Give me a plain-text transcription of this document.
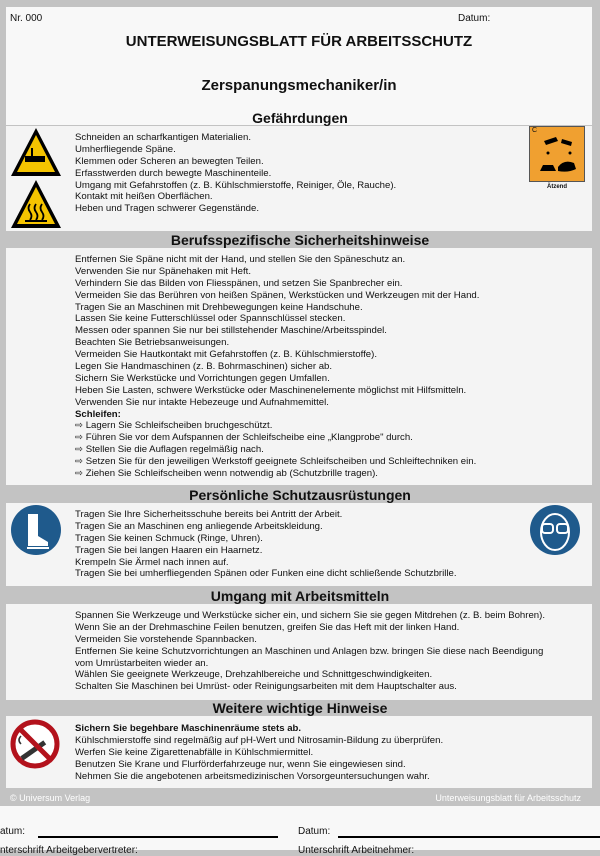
Nr. 000	Datum:
UNTERWEISUNGSBLATT FÜR ARBEITSSCHUTZ
Zerspanungsmechaniker/in
Gefährdungen
Schneiden an scharfkantigen Materialien.
Umherfliegende Späne.
Klemmen oder Scheren an bewegten Teilen.
Erfasstwerden durch bewegte Maschinenteile.
Umgang mit Gefahrstoffen (z. B. Kühlschmierstoffe, Reiniger, Öle, Rauche).
Kontakt mit heißen Oberflächen.
Heben und Tragen schwerer Gegenstände.
C
Ätzend
Berufsspezifische Sicherheitshinweise
Entfernen Sie Späne nicht mit der Hand, und stellen Sie den Späneschutz an.
Verwenden Sie nur Spänehaken mit Heft.
Verhindern Sie das Bilden von Fliesspänen, und setzen Sie Spanbrecher ein.
Vermeiden Sie das Berühren von heißen Spänen, Werkstücken und Werkzeugen mit der Hand.
Tragen Sie an Maschinen mit Drehbewegungen keine Handschuhe.
Lassen Sie keine Futterschlüssel oder Spannschlüssel stecken.
Messen oder spannen Sie nur bei stillstehender Maschine/Arbeitsspindel.
Beachten Sie Betriebsanweisungen.
Vermeiden Sie Hautkontakt mit Gefahrstoffen (z. B. Kühlschmierstoffe).
Legen Sie Handmaschinen (z. B. Bohrmaschinen) sicher ab.
Sichern Sie Werkstücke und Vorrichtungen gegen Umfallen.
Heben Sie Lasten, schwere Werkstücke oder Maschinenelemente möglichst mit Hilfsmitteln.
Verwenden Sie nur intakte Hebezeuge und Aufnahmemittel.
Schleifen:
⇨ Lagern Sie Schleifscheiben bruchgeschützt.
⇨ Führen Sie vor dem Aufspannen der Schleifscheibe eine „Klangprobe" durch.
⇨ Stellen Sie die Auflagen regelmäßig nach.
⇨ Setzen Sie für den jeweiligen Werkstoff geeignete Schleifscheiben und Schleiftechniken ein.
⇨ Ziehen Sie Schleifscheiben wenn notwendig ab (Schutzbrille tragen).
Persönliche Schutzausrüstungen
Tragen Sie Ihre Sicherheitsschuhe bereits bei Antritt der Arbeit.
Tragen Sie an Maschinen eng anliegende Arbeitskleidung.
Tragen Sie keinen Schmuck (Ringe, Uhren).
Tragen Sie bei langen Haaren ein Haarnetz.
Krempeln Sie Ärmel nach innen auf.
Tragen Sie bei umherfliegenden Spänen oder Funken eine dicht schließende Schutzbrille.
Umgang mit Arbeitsmitteln
Spannen Sie Werkzeuge und Werkstücke sicher ein, und sichern Sie sie gegen Mitdrehen (z. B. beim Bohren).
Wenn Sie an der Drehmaschine Feilen benutzen, greifen Sie das Heft mit der linken Hand.
Vermeiden Sie vorstehende Spannbacken.
Entfernen Sie keine Schutzvorrichtungen an Maschinen und Anlagen bzw. bringen Sie diese nach Beendigung
vom Umrüstarbeiten wieder an.
Wählen Sie geeignete Werkzeuge, Drehzahlbereiche und Schnittgeschwindigkeiten.
Schalten Sie Maschinen bei Umrüst- oder Reinigungsarbeiten mit dem Hauptschalter aus.
Weitere wichtige Hinweise
Sichern Sie begehbare Maschinenräume stets ab.
Kühlschmierstoffe sind regelmäßig auf pH-Wert und Nitrosamin-Bildung zu überprüfen.
Werfen Sie keine Zigarettenabfälle in Kühlschmiermittel.
Benutzen Sie Krane und Flurförderfahrzeuge nur, wenn Sie eingewiesen sind.
Nehmen Sie die angebotenen arbeitsmedizinischen Vorsorgeuntersuchungen wahr.
© Universum Verlag	Unterweisungsblatt für Arbeitsschutz
atum:	Datum:
nterschrift Arbeitgebervertreter:	Unterschrift Arbeitnehmer:
